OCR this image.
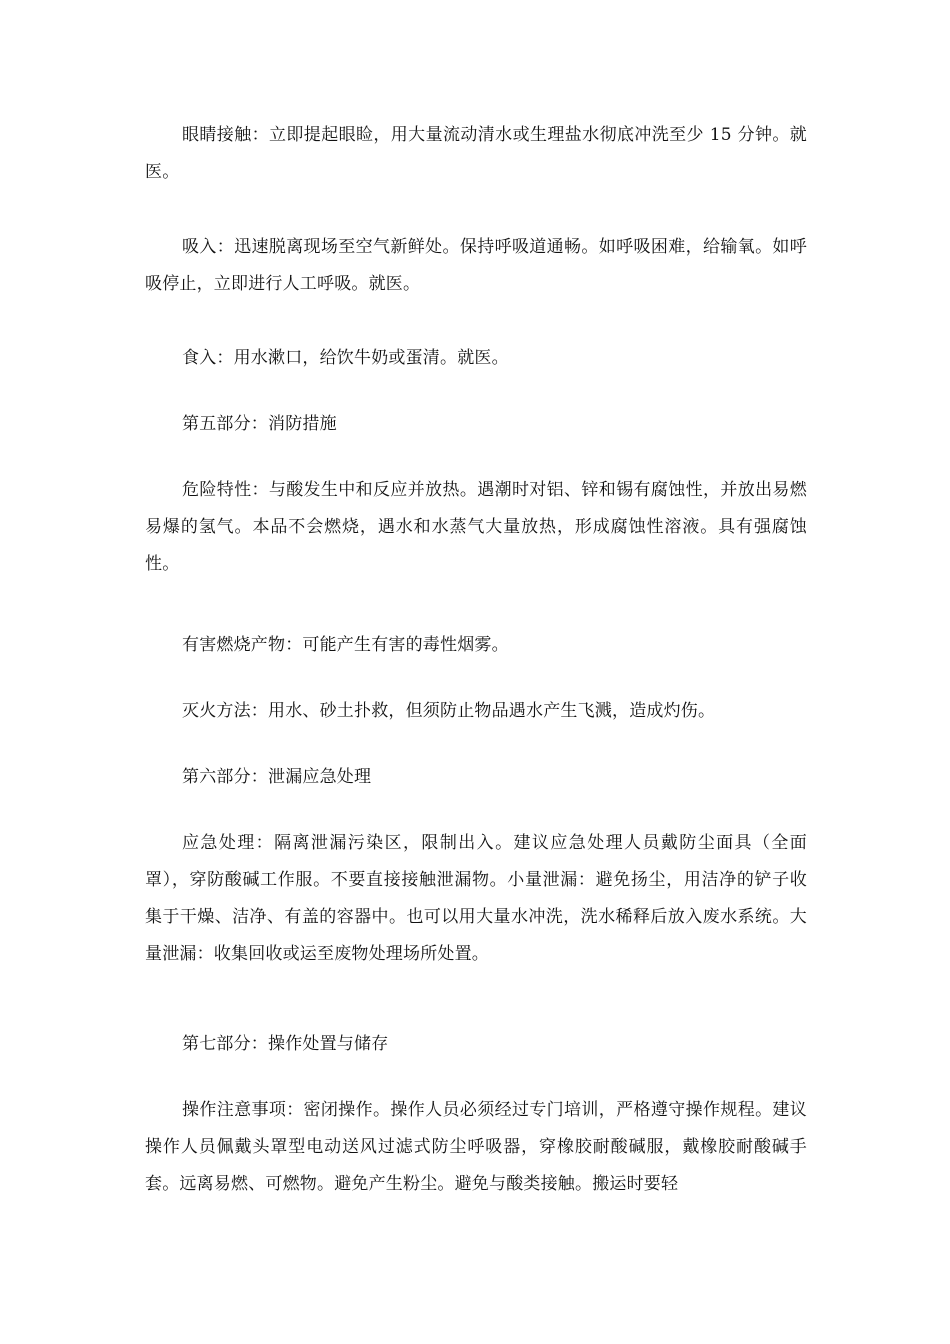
眼睛接触：立即提起眼睑，用大量流动清水或生理盐水彻底冲洗至少 15 分钟。就医。

吸入：迅速脱离现场至空气新鲜处。保持呼吸道通畅。如呼吸困难，给输氧。如呼吸停止，立即进行人工呼吸。就医。

食入：用水漱口，给饮牛奶或蛋清。就医。

第五部分：消防措施

危险特性：与酸发生中和反应并放热。遇潮时对铝、锌和锡有腐蚀性，并放出易燃易爆的氢气。本品不会燃烧，遇水和水蒸气大量放热，形成腐蚀性溶液。具有强腐蚀性。

有害燃烧产物：可能产生有害的毒性烟雾。

灭火方法：用水、砂土扑救，但须防止物品遇水产生飞溅，造成灼伤。

第六部分：泄漏应急处理

应急处理：隔离泄漏污染区，限制出入。建议应急处理人员戴防尘面具（全面罩），穿防酸碱工作服。不要直接接触泄漏物。小量泄漏：避免扬尘，用洁净的铲子收集于干燥、洁净、有盖的容器中。也可以用大量水冲洗，洗水稀释后放入废水系统。大量泄漏：收集回收或运至废物处理场所处置。

第七部分：操作处置与储存

操作注意事项：密闭操作。操作人员必须经过专门培训，严格遵守操作规程。建议操作人员佩戴头罩型电动送风过滤式防尘呼吸器，穿橡胶耐酸碱服，戴橡胶耐酸碱手套。远离易燃、可燃物。避免产生粉尘。避免与酸类接触。搬运时要轻
